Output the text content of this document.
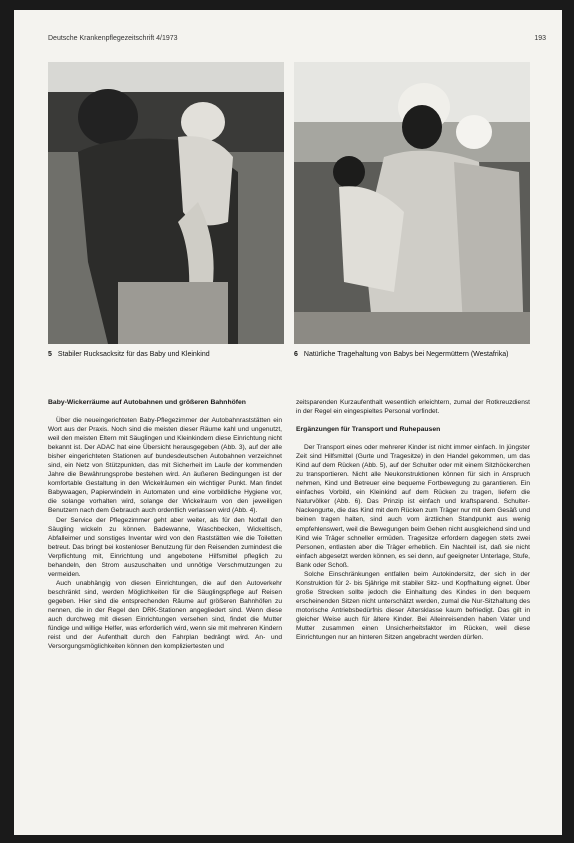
Deutsche Krankenpflegezeitschrift 4/1973	193
5 Stabiler Rucksacksitz für das Baby und Kleinkind	6 Natürliche Tragehaltung von Babys bei Negermüttern (Westafrika)
Baby-Wickerräume auf Autobahnen und größeren Bahnhöfen

Über die neueingerichteten Baby-Pflegezimmer der Autobahnraststätten ein Wort aus der Praxis. Noch sind die meisten dieser Räume kahl und ungenutzt, weil den meisten Eltern mit Säuglingen und Kleinkindern diese Einrichtung nicht bekannt ist. Der ADAC hat eine Übersicht herausgegeben (Abb. 3), auf der alle bisher eingerichteten Stationen auf bundesdeutschen Autobahnen verzeichnet sind, ein Netz von Stützpunkten, das mit Sicherheit im Laufe der kommenden Jahre die Bewährungsprobe bestehen wird. An äußeren Bedingungen ist der komfortable Gestaltung in den Wickelräumen ein wichtiger Punkt. Man findet Babywaagen, Papierwindeln in Automaten und eine vorbildliche Hygiene vor, die solange vorhalten wird, solange der Wickelraum von den jeweiligen Benutzern nach dem Gebrauch auch ordentlich verlassen wird (Abb. 4).

Der Service der Pflegezimmer geht aber weiter, als für den Notfall den Säugling wickeln zu können. Badewanne, Waschbecken, Wickeltisch, Abfalleimer und sonstiges Inventar wird von den Raststätten wie die Toiletten betreut. Das bringt bei kostenloser Benutzung für den Reisenden zumindest die Verpflichtung mit, Einrichtung und angebotene Hilfsmittel pfleglich zu behandeln, den Strom auszuschalten und unnötige Verschmutzungen zu vermeiden.

Auch unabhängig von diesen Einrichtungen, die auf den Autoverkehr beschränkt sind, werden Möglichkeiten für die Säuglingspflege auf Reisen gegeben. Hier sind die entsprechenden Räume auf größeren Bahnhöfen zu nennen, die in der Regel den DRK-Stationen angegliedert sind. Wenn diese auch durchweg mit diesen Einrichtungen versehen sind, findet die Mutter fündige und willige Helfer, was erforderlich wird, wenn sie mit mehreren Kindern reist und der Aufenthalt durch den Fahrplan bedrängt wird. An- und Versorgungsmöglichkeiten können den kompliziertesten und

zeitsparenden Kurzaufenthalt wesentlich erleichtern, zumal der Rotkreuzdienst in der Regel ein eingespieltes Personal vorfindet.

Ergänzungen für Transport und Ruhepausen

Der Transport eines oder mehrerer Kinder ist nicht immer einfach. In jüngster Zeit sind Hilfsmittel (Gurte und Tragesitze) in den Handel gekommen, um das Kind auf dem Rücken (Abb. 5), auf der Schulter oder mit einem Sitzhöckerchen zu transportieren. Nicht alle Neukonstruktionen können für sich in Anspruch nehmen, Kind und Betreuer eine bequeme Fortbewegung zu garantieren. Ein einfaches Vorbild, ein Kleinkind auf dem Rücken zu tragen, liefern die Naturvölker (Abb. 6). Das Prinzip ist einfach und kraftsparend. Schulter-Nackengurte, die das Kind mit dem Rücken zum Träger nur mit dem Gesäß und beinen tragen halten, sind auch vom ärztlichen Standpunkt aus wenig empfehlenswert, weil die Bewegungen beim Gehen nicht ausgleichend sind und Kind wie Träger schneller ermüden. Tragesitze erfordern dagegen stets zwei Personen, entlasten aber die Träger erheblich. Ein Nachteil ist, daß sie nicht einfach abgesetzt werden können, es sei denn, auf geeigneter Unterlage, Stufe, Bank oder Schoß.

Solche Einschränkungen entfallen beim Autokindersitz, der sich in der Konstruktion für 2- bis 5jährige mit stabiler Sitz- und Kopfhaltung eignet. Über große Strecken sollte jedoch die Einhaltung des Kindes in den bequem erscheinenden Sitzen nicht unterschätzt werden, zumal die Nur-Sitzhaltung des motorische Antriebsbedürfnis dieser Altersklasse kaum befriedigt. Das gilt in gleicher Weise auch für ältere Kinder. Bei Alleinreisenden haben Vater und Mutter zusammen einen Unsicherheitsfaktor im Rücken, weil diese Einrichtungen nur an hinteren Sitzen angebracht werden dürfen.
